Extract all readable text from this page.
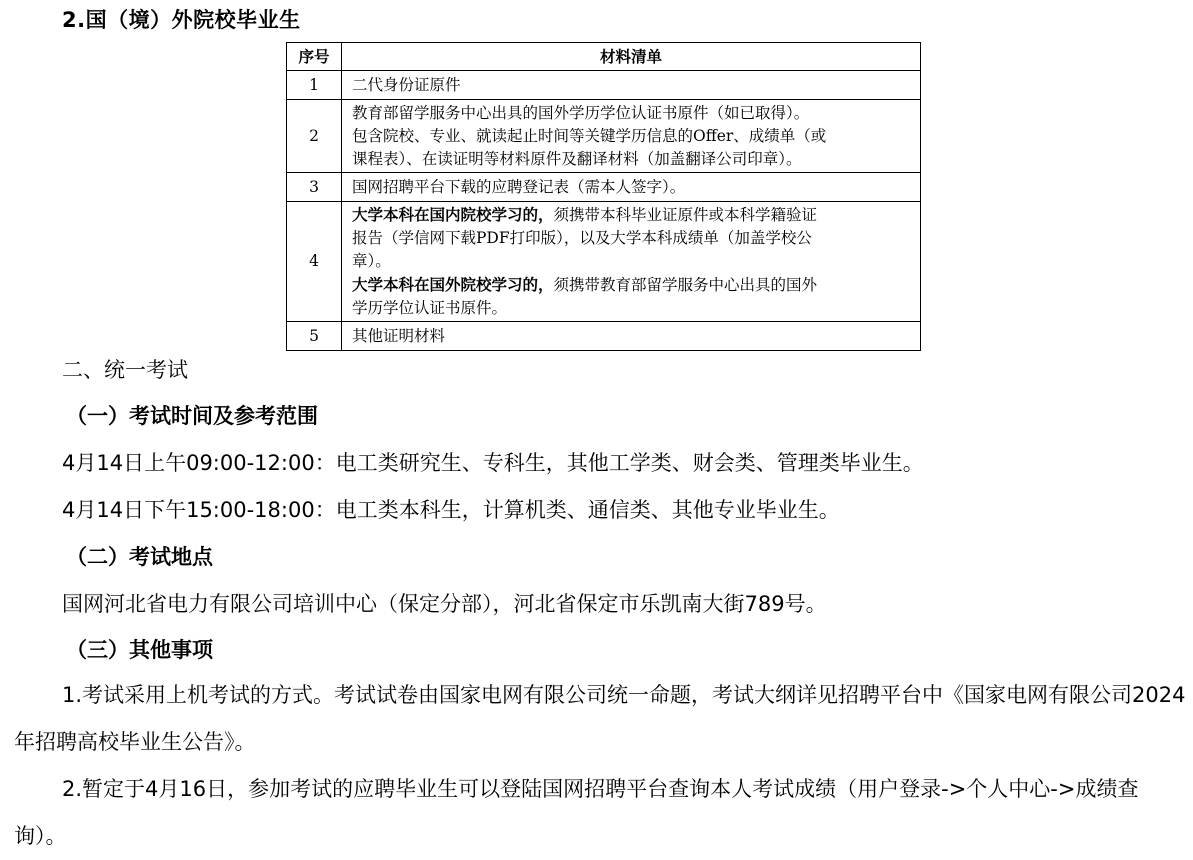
2.国（境）外院校毕业生
序号	材料清单
1	二代身份证原件

2	教育部留学服务中心出具的国外学历学位认证书原件（如已取得）。
包含院校、专业、就读起止时间等关键学历信息的Offer、成绩单（或
课程表）、在读证明等材料原件及翻译材料（加盖翻译公司印章）。

3	国网招聘平台下载的应聘登记表（需本人签字）。

4	大学本科在国内院校学习的，须携带本科毕业证原件或本科学籍验证
报告（学信网下载PDF打印版），以及大学本科成绩单（加盖学校公
章）。
大学本科在国外院校学习的，须携带教育部留学服务中心出具的国外
学历学位认证书原件。

5	其他证明材料
二、统一考试
（一）考试时间及参考范围
4月14日上午09:00-12:00：电工类研究生、专科生，其他工学类、财会类、管理类毕业生。
4月14日下午15:00-18:00：电工类本科生，计算机类、通信类、其他专业毕业生。
（二）考试地点
国网河北省电力有限公司培训中心（保定分部），河北省保定市乐凯南大街789号。
（三）其他事项
1.考试采用上机考试的方式。考试试卷由国家电网有限公司统一命题，考试大纲详见招聘平台中《国家电网有限公司2024年招聘高校毕业生公告》。
2.暂定于4月16日，参加考试的应聘毕业生可以登陆国网招聘平台查询本人考试成绩（用户登录->个人中心->成绩查询）。
